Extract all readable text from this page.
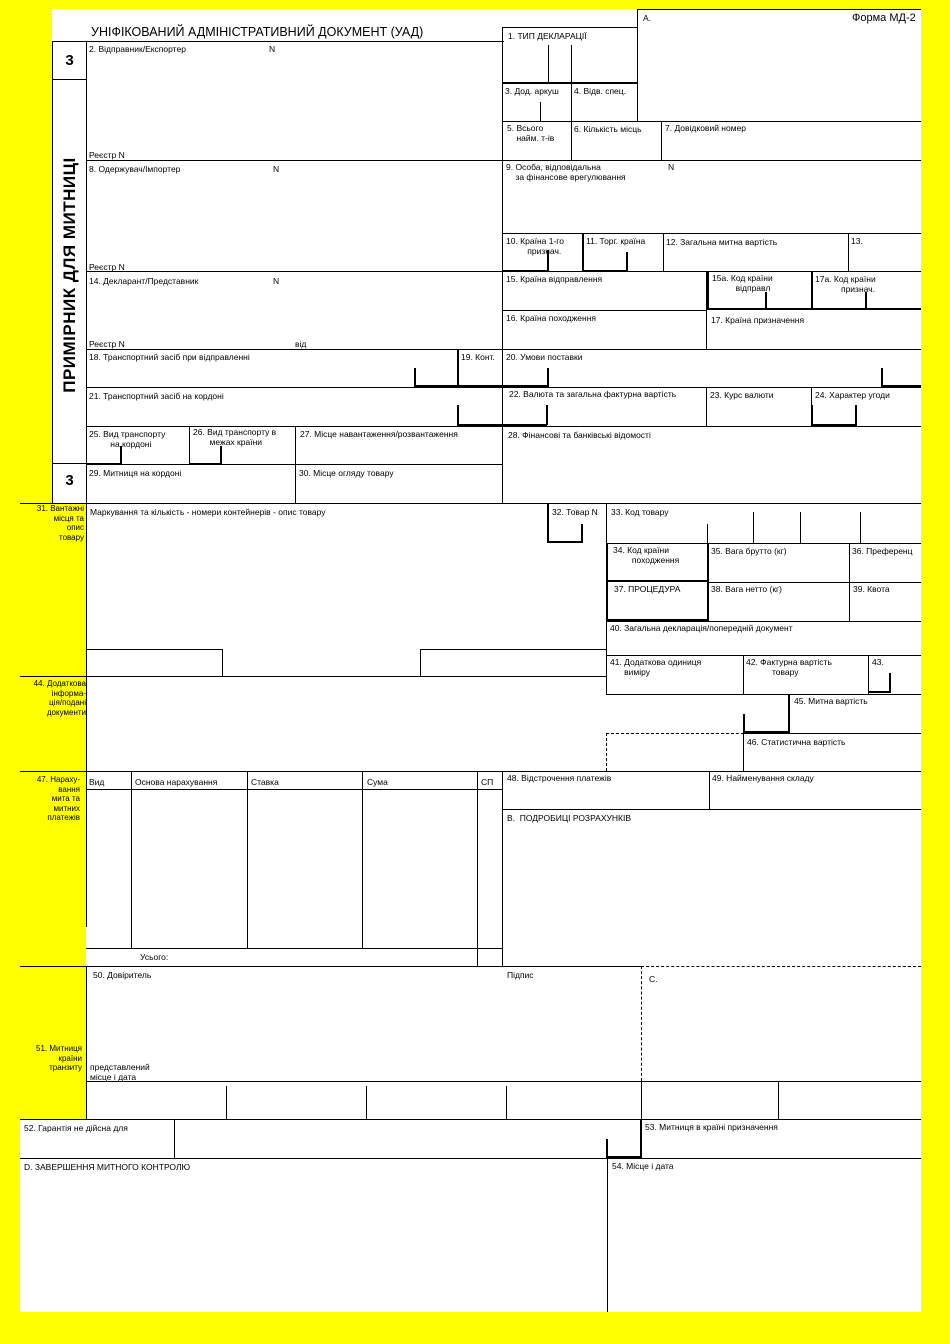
УНІФІКОВАНИЙ АДМІНІСТРАТИВНИЙ ДОКУМЕНТ (УАД)
Форма МД-2
A.
3
ПРИМІРНИК ДЛЯ МИТНИЦІ
3
1. ТИП ДЕКЛАРАЦІЇ
2. Відправник/Експортер	N
Реєстр N
3. Дод. аркуш 4. Відв. спец.
5. Всього
найм. т-ів
6. Кількість місць	7. Довідковий номер
8. Одержувач/Імпортер	N
Реєстр N
9. Особа, відповідальна
за фінансове врегулювання
N
10. Країна 1-го
признач.
11. Торг. країна 12. Загальна митна вартість	13.
14. Декларант/Представник	N
Реєстр N	від
15. Країна відправлення	15а. Код країни
відправл
17а. Код країни
признач.
16. Країна походження	17. Країна призначення
18. Транспортний засіб при відправленні	19. Конт. 20. Умови поставки
21. Транспортний засіб на кордоні	22. Валюта та загальна фактурна вартість	23. Курс валюти	24. Характер угоди
25. Вид транспорту
на кордоні
26. Вид транспорту в
межах країни
27. Місце навантаження/розвантаження	28. Фінансові та банківські відомості
29. Митниця на кордоні	30. Місце огляду товару
31. Вантажні
місця та
опис
товару
Маркування та кількість - номери контейнерів - опис товару	32. Товар N 33. Код товару
34. Код країни
походження
35. Вага брутто (кг)	36. Преференц
37. ПРОЦЕДУРА	38. Вага нетто (кг)	39. Квота
40. Загальна декларація/попередній документ
41. Додаткова одиниця
виміру
42. Фактурна вартість
товару
43.
44. Додаткова
інформа-
ція/подані
документи
45. Митна вартість
46. Статистична вартість
47. Нараху-
вання
мита та
митних
платежів
Вид	Основа нарахування	Ставка	Сума	СП
Усього:
48. Відстрочення платежів	49. Найменування складу
В.  ПОДРОБИЦІ РОЗРАХУНКІВ
50. Довіритель	Підпис
представлений
місце і дата
C.
51. Митниця
країни
транзиту
52. Гарантія не дійсна для	53. Митниця в країні призначення
D. ЗАВЕРШЕННЯ МИТНОГО КОНТРОЛЮ	54. Місце і дата
